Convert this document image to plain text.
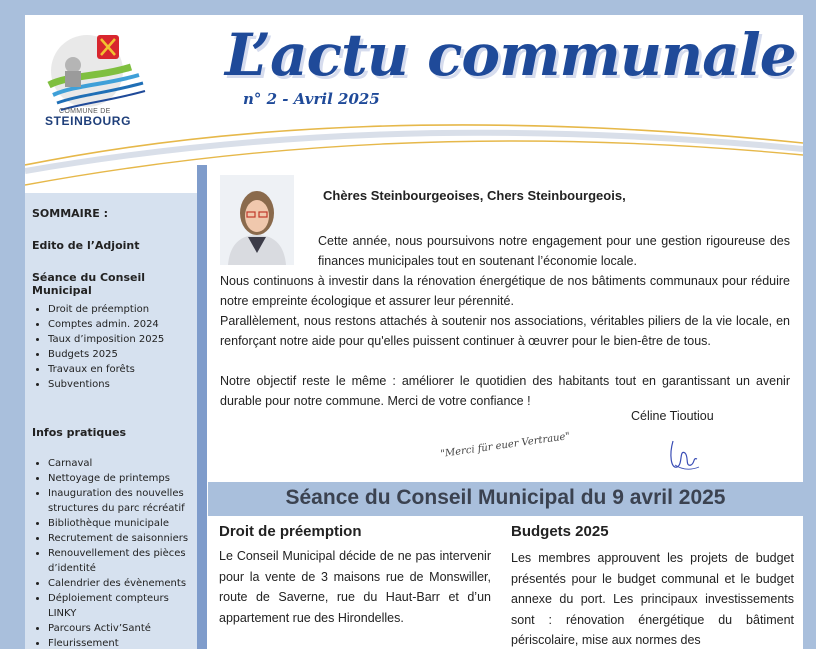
COMMUNE DE
STEINBOURG
L’actu communale
n° 2 - Avril 2025
SOMMAIRE :
Edito de l’Adjoint
Séance du Conseil Municipal
• Droit de préemption
• Comptes admin. 2024
• Taux d’imposition 2025
• Budgets 2025
• Travaux en forêts
• Subventions
Infos pratiques
• Carnaval
• Nettoyage de printemps
• Inauguration des nouvelles structures du parc récréatif
• Bibliothèque municipale
• Recrutement de saisonniers
• Renouvellement des pièces d’identité
• Calendrier des évènements
• Déploiement compteurs LINKY
• Parcours Activ’Santé
• Fleurissement
Chères Steinbourgeoises, Chers Steinbourgeois,
Cette année, nous poursuivons notre engagement pour une gestion rigoureuse des finances municipales tout en soutenant l’économie locale.
Nous continuons à investir dans la rénovation énergétique de nos bâtiments communaux pour réduire notre empreinte écologique et assurer leur pérennité.
Parallèlement, nous restons attachés à soutenir nos associations, véritables piliers de la vie locale, en renforçant notre aide pour qu'elles puissent continuer à œuvrer pour le bien-être de tous.
Notre objectif reste le même : améliorer le quotidien des habitants tout en garantissant un avenir durable pour notre commune. Merci de votre confiance !
Céline Tioutiou
"Merci für euer Vertraue"
Séance du Conseil Municipal du 9 avril 2025
Droit de préemption
Le Conseil Municipal décide de ne pas intervenir pour la vente de 3 maisons rue de Monswiller, route de Saverne, rue du Haut-Barr et d’un appartement rue des Hirondelles.
Budgets 2025
Les membres approuvent les projets de budget présentés pour le budget communal et le budget annexe du port. Les principaux investissements sont : rénovation énergétique du bâtiment périscolaire, mise aux normes des
